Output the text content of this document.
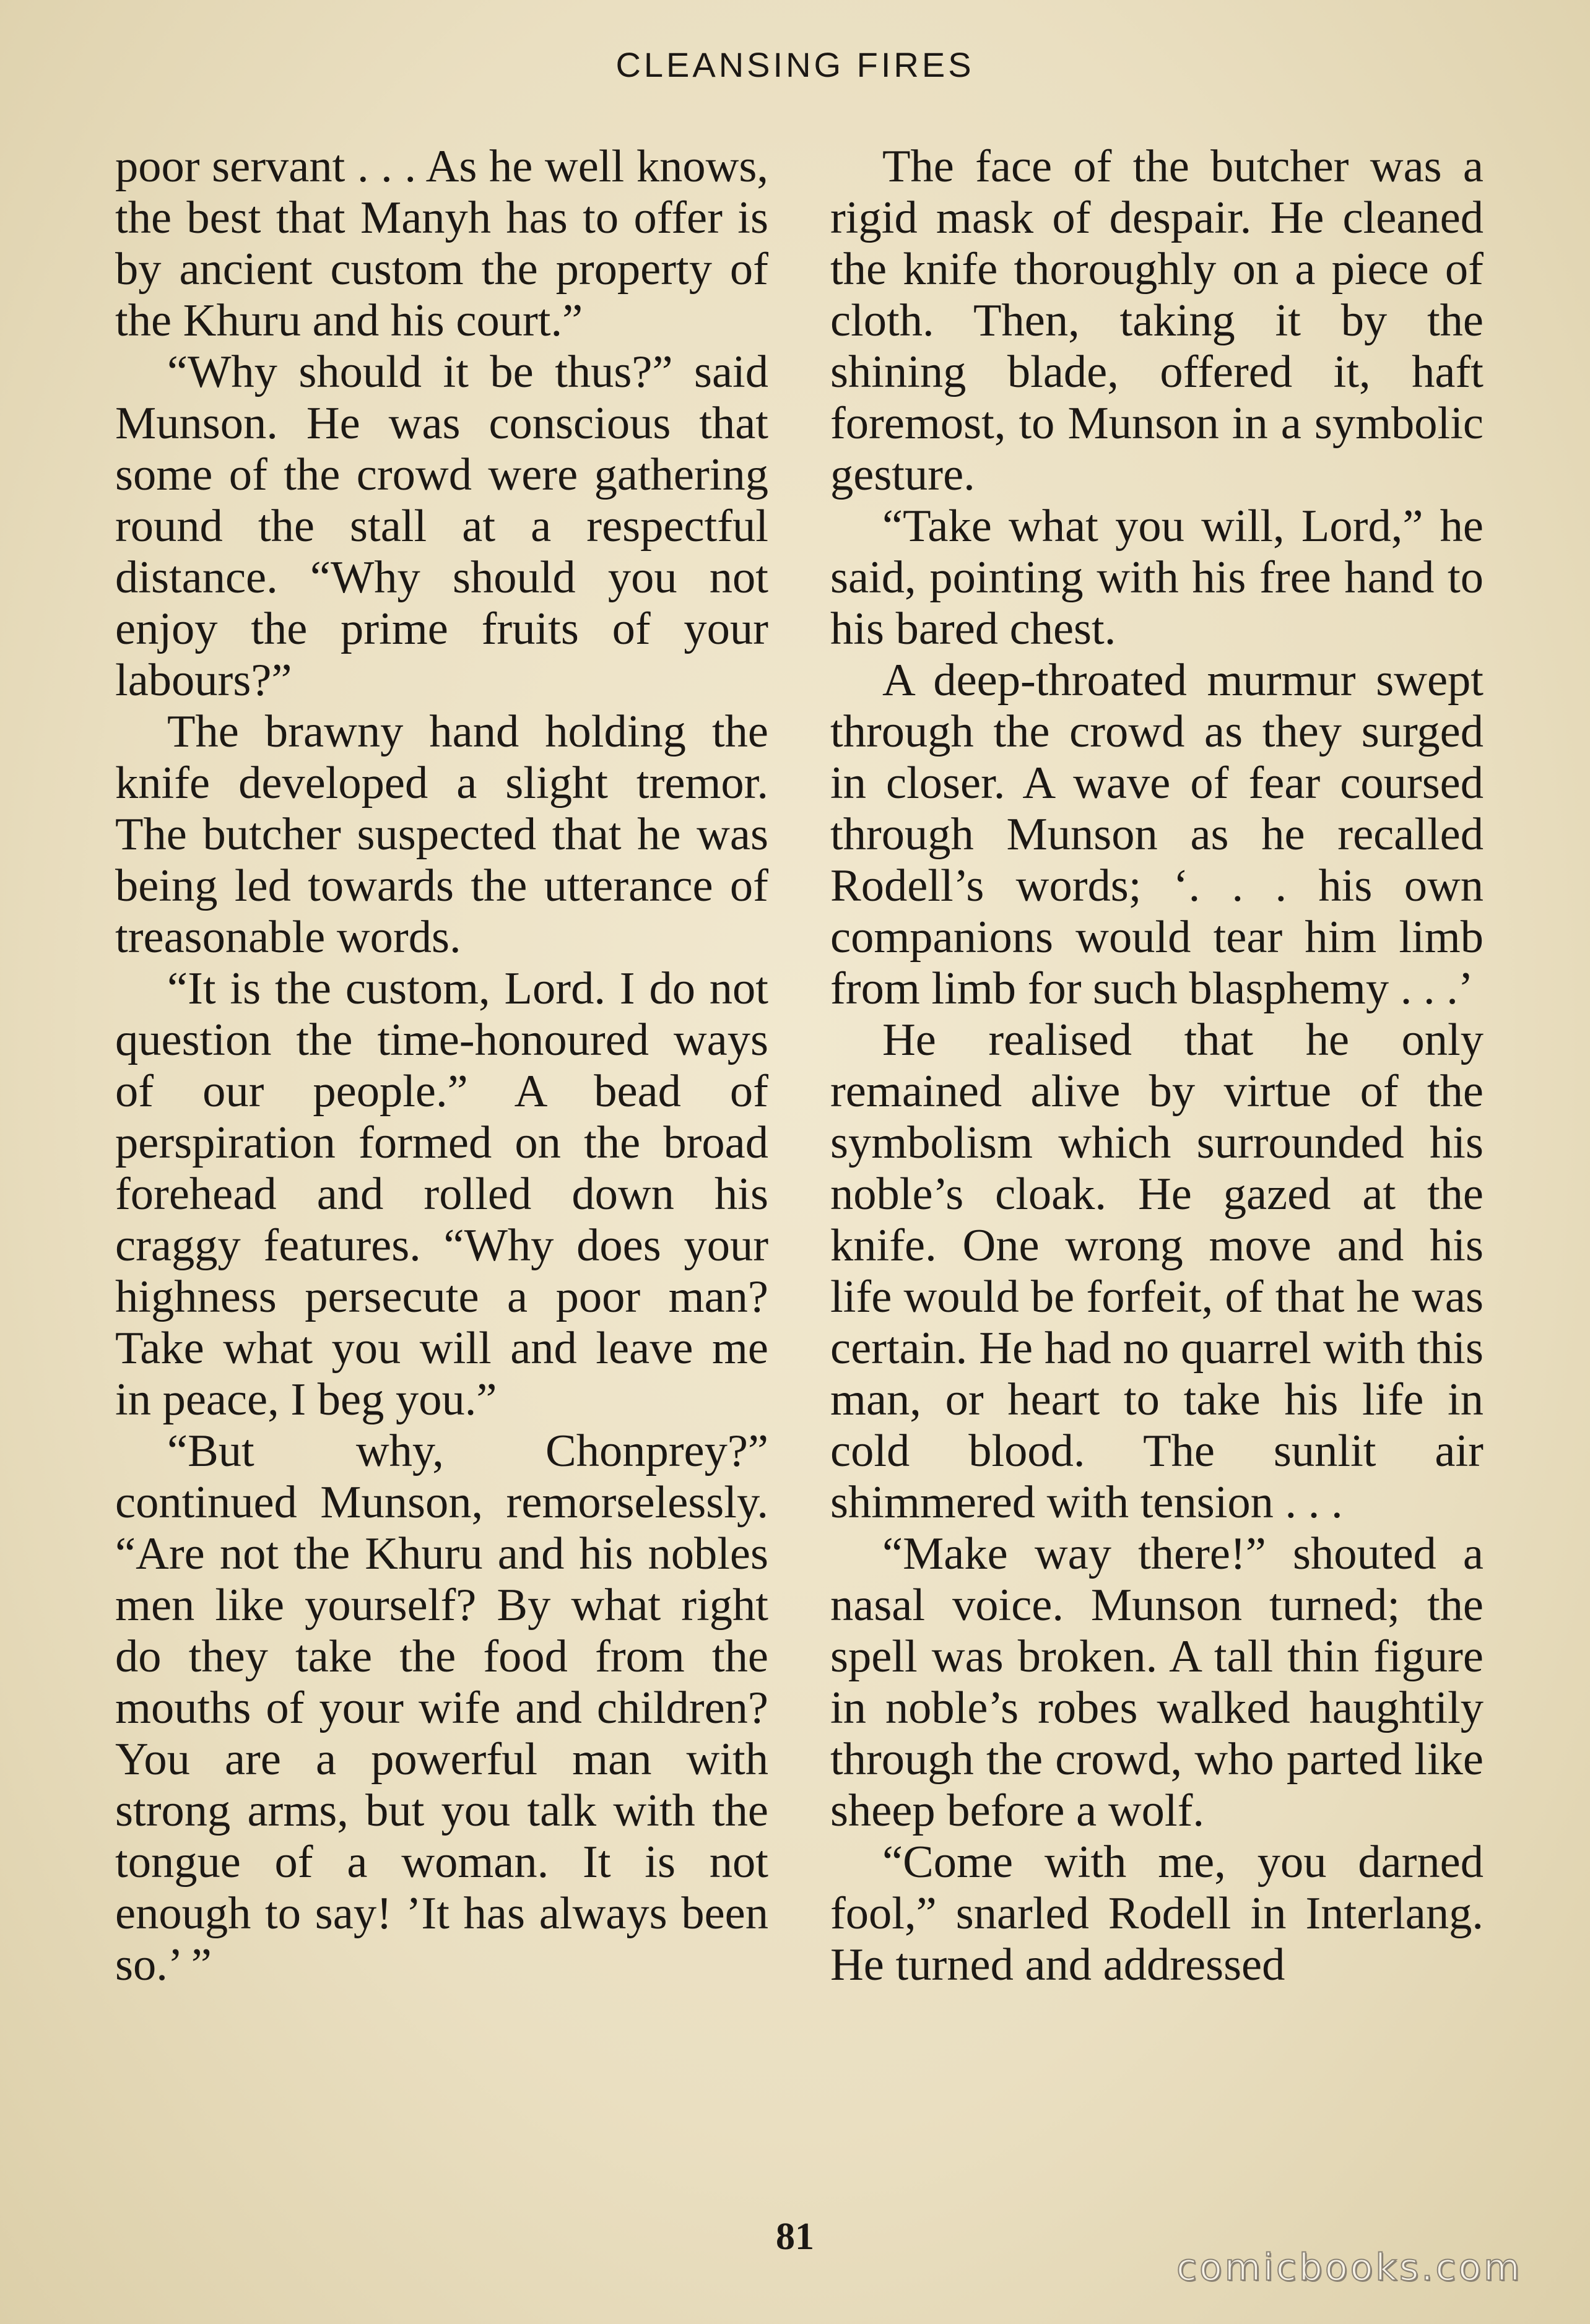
CLEANSING FIRES

poor servant . . . As he well knows, the best that Manyh has to offer is by ancient custom the property of the Khuru and his court.”

“Why should it be thus?” said Munson. He was conscious that some of the crowd were gathering round the stall at a respectful distance. “Why should you not enjoy the prime fruits of your labours?”

The brawny hand holding the knife developed a slight tremor. The butcher suspected that he was being led towards the utterance of treasonable words.

“It is the custom, Lord. I do not question the time-honoured ways of our people.” A bead of perspiration formed on the broad forehead and rolled down his craggy features. “Why does your highness persecute a poor man? Take what you will and leave me in peace, I beg you.”

“But why, Chonprey?” continued Munson, remorselessly. “Are not the Khuru and his nobles men like yourself? By what right do they take the food from the mouths of your wife and children? You are a powerful man with strong arms, but you talk with the tongue of a woman. It is not enough to say! ’It has always been so.’ ”

The face of the butcher was a rigid mask of despair. He cleaned the knife thoroughly on a piece of cloth. Then, taking it by the shining blade, offered it, haft foremost, to Munson in a symbolic gesture.

“Take what you will, Lord,” he said, pointing with his free hand to his bared chest.

A deep-throated murmur swept through the crowd as they surged in closer. A wave of fear coursed through Munson as he recalled Rodell’s words; ‘. . . his own companions would tear him limb from limb for such blasphemy . . .’

He realised that he only remained alive by virtue of the symbolism which surrounded his noble’s cloak. He gazed at the knife. One wrong move and his life would be forfeit, of that he was certain. He had no quarrel with this man, or heart to take his life in cold blood. The sunlit air shimmered with tension . . .

“Make way there!” shouted a nasal voice. Munson turned; the spell was broken. A tall thin figure in noble’s robes walked haughtily through the crowd, who parted like sheep before a wolf.

“Come with me, you darned fool,” snarled Rodell in Interlang. He turned and addressed

81
comicbooks.com
